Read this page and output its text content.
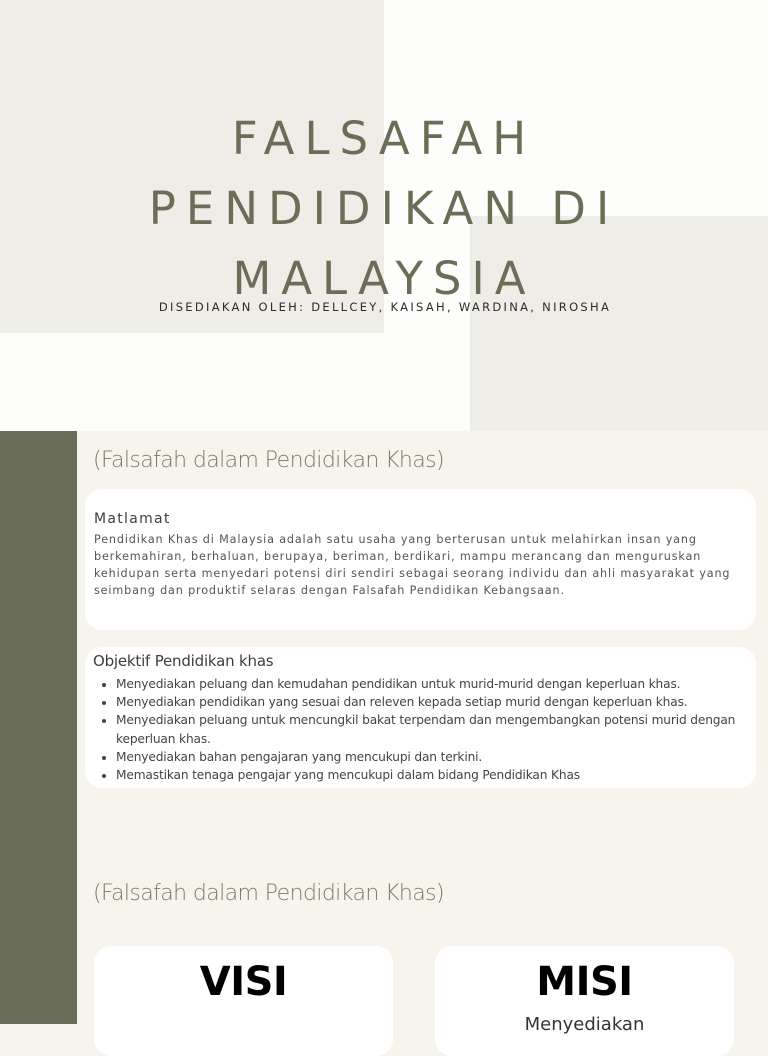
FALSAFAH
PENDIDIKAN DI
MALAYSIA

DISEDIAKAN OLEH: DELLCEY, KAISAH, WARDINA, NIROSHA

(Falsafah dalam Pendidikan Khas)
Matlamat

Pendidikan Khas di Malaysia adalah satu usaha yang berterusan untuk melahirkan insan yang berkemahiran, berhaluan, berupaya, beriman, berdikari, mampu merancang dan menguruskan kehidupan serta menyedari potensi diri sendiri sebagai seorang individu dan ahli masyarakat yang seimbang dan produktif selaras dengan Falsafah Pendidikan Kebangsaan.

Objektif Pendidikan khas
• Menyediakan peluang dan kemudahan pendidikan untuk murid-murid dengan keperluan khas.
• Menyediakan pendidikan yang sesuai dan releven kepada setiap murid dengan keperluan khas.
• Menyediakan peluang untuk mencungkil bakat terpendam dan mengembangkan potensi murid dengan keperluan khas.
• Menyediakan bahan pengajaran yang mencukupi dan terkini.
• Memastikan tenaga pengajar yang mencukupi dalam bidang Pendidikan Khas
(Falsafah dalam Pendidikan Khas)
VISI	MISI

Menyediakan
